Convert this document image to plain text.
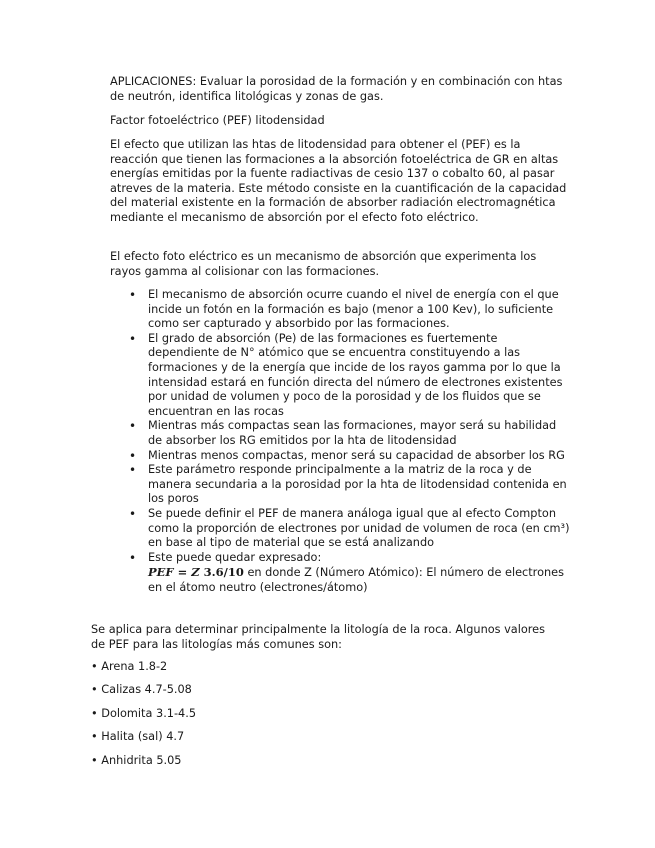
APLICACIONES: Evaluar la porosidad de la formación y en combinación con htas de neutrón, identifica litológicas y zonas de gas.

Factor fotoeléctrico (PEF) litodensidad

El efecto que utilizan las htas de litodensidad para obtener el (PEF) es la reacción que tienen las formaciones a la absorción fotoeléctrica de GR en altas energías emitidas por la fuente radiactivas de cesio 137 o cobalto 60, al pasar atreves de la materia. Este método consiste en la cuantificación de la capacidad del material existente en la formación de absorber radiación electromagnética mediante el mecanismo de absorción por el efecto foto eléctrico.

El efecto foto eléctrico es un mecanismo de absorción que experimenta los rayos gamma al colisionar con las formaciones.

• El mecanismo de absorción ocurre cuando el nivel de energía con el que incide un fotón en la formación es bajo (menor a 100 Kev), lo suficiente como ser capturado y absorbido por las formaciones.
• El grado de absorción (Pe) de las formaciones es fuertemente dependiente de N° atómico que se encuentra constituyendo a las formaciones y de la energía que incide de los rayos gamma por lo que la intensidad estará en función directa del número de electrones existentes por unidad de volumen y poco de la porosidad y de los fluidos que se encuentran en las rocas
• Mientras más compactas sean las formaciones, mayor será su habilidad de absorber los RG emitidos por la hta de litodensidad
• Mientras menos compactas, menor será su capacidad de absorber los RG
• Este parámetro responde principalmente a la matriz de la roca y de manera secundaria a la porosidad por la hta de litodensidad contenida en los poros
• Se puede definir el PEF de manera análoga igual que al efecto Compton como la proporción de electrones por unidad de volumen de roca (en cm³) en base al tipo de material que se está analizando
• Este puede quedar expresado:
PEF = Z 3.6/10 en donde Z (Número Atómico): El número de electrones en el átomo neutro (electrones/átomo)

Se aplica para determinar principalmente la litología de la roca. Algunos valores de PEF para las litologías más comunes son:

• Arena 1.8-2
• Calizas 4.7-5.08
• Dolomita 3.1-4.5
• Halita (sal) 4.7
• Anhidrita 5.05
